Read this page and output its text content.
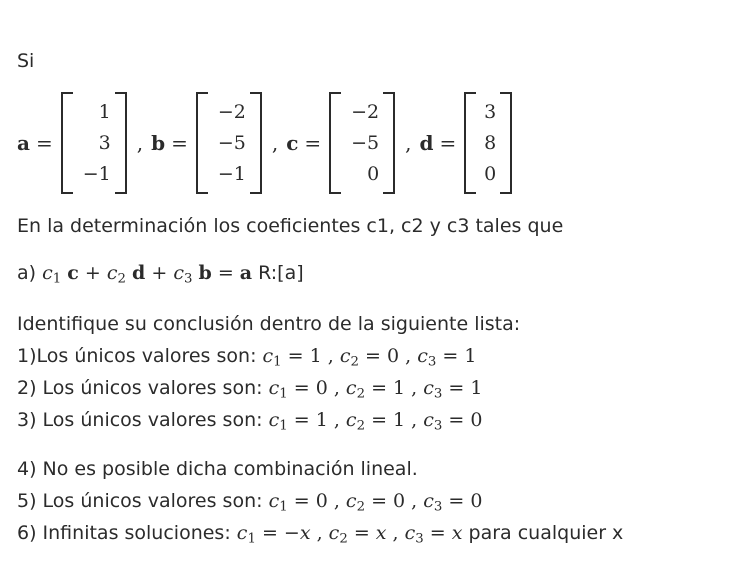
Si
a =
1
3
−1
, b =
−2
−5
−1
, c =
−2
−5
0
, d =
3
8
0
En la determinación los coeficientes c1, c2 y c3 tales que
a) $c_1$ $c + c_2$ $d + c_3$ b = a R:[a]
Identifique su conclusión dentro de la siguiente lista:
1)Los únicos valores son: $c_1 = 1$ , $c_2 = 0$ , $c_3 = 1$
2) Los únicos valores son: $c_1 = 0$ , $c_2 = 1$ , $c_3 = 1$
3) Los únicos valores son: $c_1 = 1$ , $c_2 = 1$ , $c_3 = 0$
4) No es posible dicha combinación lineal.
5) Los únicos valores son: $c_1 = 0$ , $c_2 = 0$ , $c_3 = 0$
6) Infinitas soluciones: $c_1 = -x$ , $c_2 = x$ , $c_3 = x$ para cualquier x
